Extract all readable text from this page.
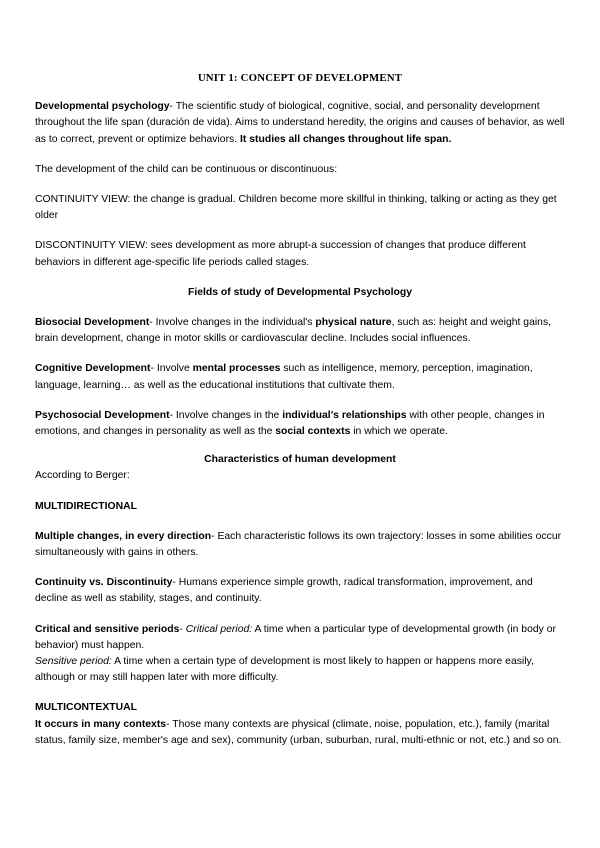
UNIT 1: CONCEPT OF DEVELOPMENT

Developmental psychology- The scientific study of biological, cognitive, social, and personality development throughout the life span (duración de vida). Aims to understand heredity, the origins and causes of behavior, as well as to correct, prevent or optimize behaviors. It studies all changes throughout life span.

The development of the child can be continuous or discontinuous:

CONTINUITY VIEW: the change is gradual. Children become more skillful in thinking, talking or acting as they get older

DISCONTINUITY VIEW: sees development as more abrupt-a succession of changes that produce different behaviors in different age-specific life periods called stages.

Fields of study of Developmental Psychology

Biosocial Development- Involve changes in the individual's physical nature, such as: height and weight gains, brain development, change in motor skills or cardiovascular decline. Includes social influences.

Cognitive Development- Involve mental processes such as intelligence, memory, perception, imagination, language, learning… as well as the educational institutions that cultivate them.

Psychosocial Development- Involve changes in the individual's relationships with other people, changes in emotions, and changes in personality as well as the social contexts in which we operate.

Characteristics of human development

According to Berger:

MULTIDIRECTIONAL

Multiple changes, in every direction- Each characteristic follows its own trajectory: losses in some abilities occur simultaneously with gains in others.

Continuity vs. Discontinuity- Humans experience simple growth, radical transformation, improvement, and decline as well as stability, stages, and continuity.

Critical and sensitive periods- Critical period: A time when a particular type of developmental growth (in body or behavior) must happen.

Sensitive period: A time when a certain type of development is most likely to happen or happens more easily, although or may still happen later with more difficulty.

MULTICONTEXTUAL

It occurs in many contexts- Those many contexts are physical (climate, noise, population, etc.), family (marital status, family size, member's age and sex), community (urban, suburban, rural, multi-ethnic or not, etc.) and so on.
